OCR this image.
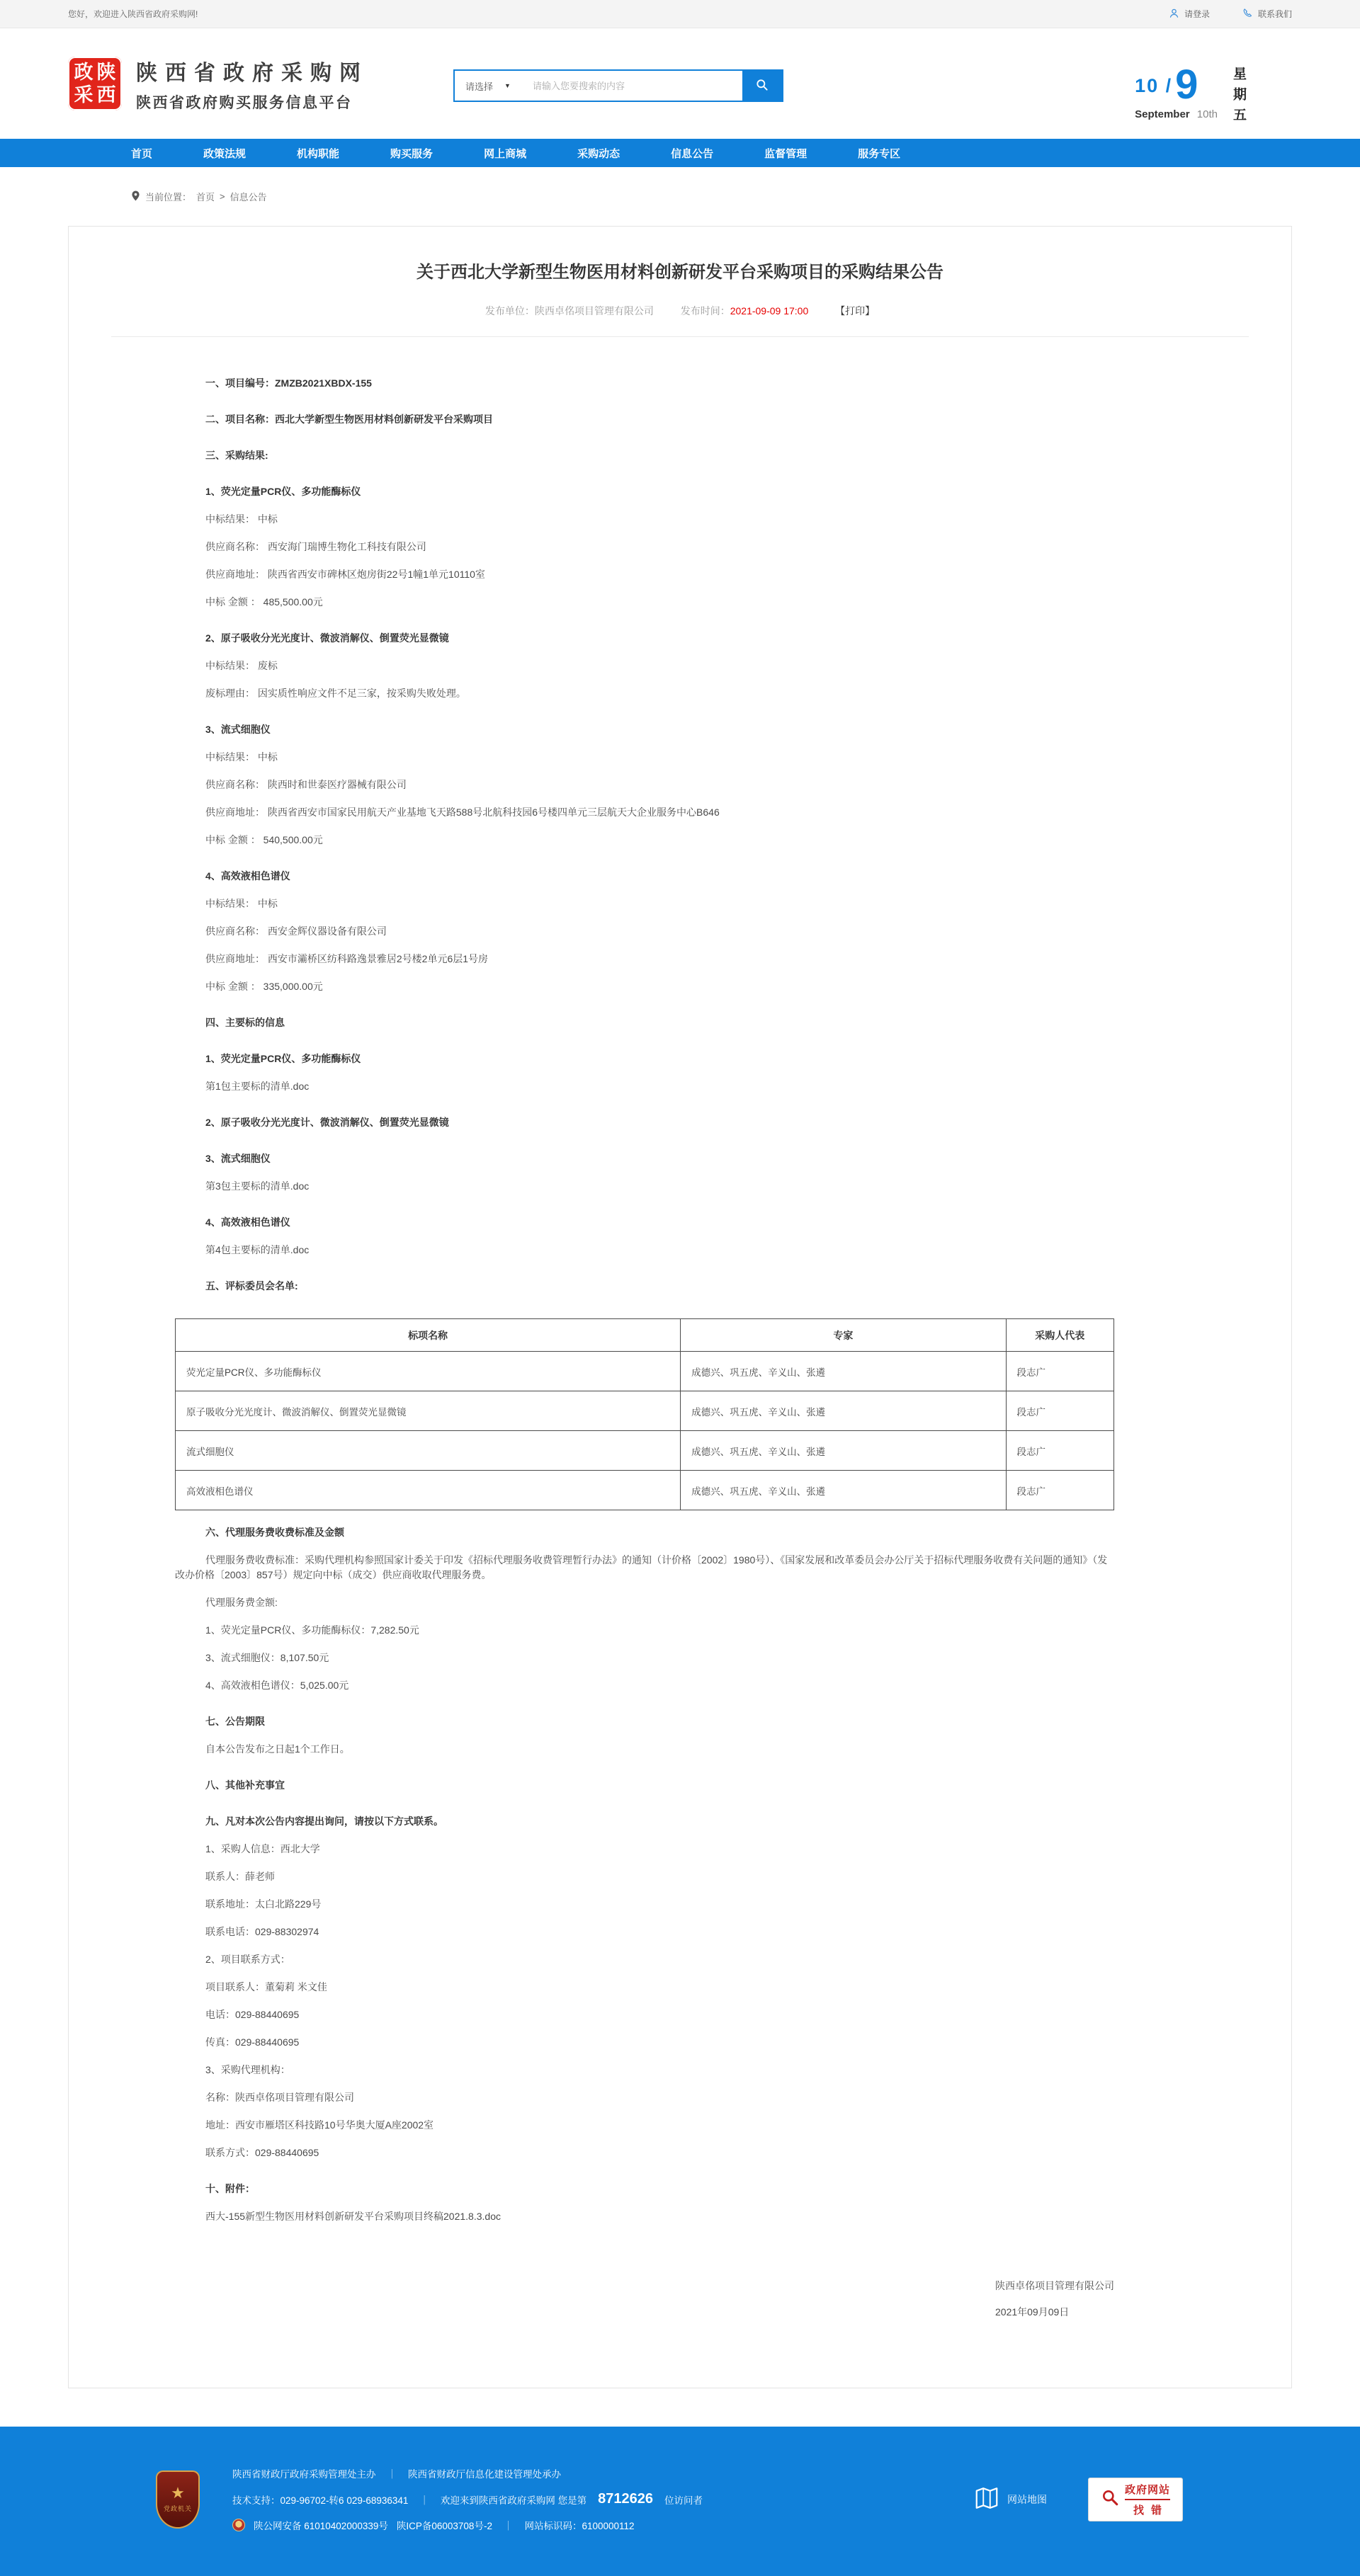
您好，欢迎进入陕西省政府采购网!	请登录	联系我们
政 陕
采 西
陕西省政府采购网
陕西省政府购买服务信息平台
请选择 ▼
请输入您要搜索的内容	10 / 9
September 10th 星期五
首页	政策法规	机构职能	购买服务	网上商城	采购动态	信息公告	监督管理	服务专区
当前位置： 首页 > 信息公告
关于西北大学新型生物医用材料创新研发平台采购项目的采购结果公告
发布单位：陕西卓佲项目管理有限公司	发布时间：2021-09-09 17:00	【打印】
一、项目编号：ZMZB2021XBDX-155
二、项目名称：西北大学新型生物医用材料创新研发平台采购项目
三、采购结果:
1、荧光定量PCR仪、多功能酶标仪
中标结果： 中标
供应商名称： 西安海门瑞博生物化工科技有限公司
供应商地址： 陕西省西安市碑林区炮房街22号1幢1单元10110室
中标 金额 ： 485,500.00元
2、原子吸收分光光度计、微波消解仪、倒置荧光显微镜
中标结果： 废标
废标理由： 因实质性响应文件不足三家，按采购失败处理。
3、流式细胞仪
中标结果： 中标
供应商名称： 陕西时和世泰医疗器械有限公司
供应商地址： 陕西省西安市国家民用航天产业基地飞天路588号北航科技园6号楼四单元三层航天大企业服务中心B646
中标 金额 ： 540,500.00元
4、高效液相色谱仪
中标结果： 中标
供应商名称： 西安金辉仪器设备有限公司
供应商地址： 西安市灞桥区纺科路逸景雅居2号楼2单元6层1号房
中标 金额 ： 335,000.00元
四、主要标的信息
1、荧光定量PCR仪、多功能酶标仪
第1包主要标的清单.doc
2、原子吸收分光光度计、微波消解仪、倒置荧光显微镜
3、流式细胞仪
第3包主要标的清单.doc
4、高效液相色谱仪
第4包主要标的清单.doc
五、评标委员会名单:
标项名称	专家	采购人代表
荧光定量PCR仪、多功能酶标仪	成德兴、巩五虎、辛义山、张遴	段志广
原子吸收分光光度计、微波消解仪、倒置荧光显微镜	成德兴、巩五虎、辛义山、张遴	段志广
流式细胞仪	成德兴、巩五虎、辛义山、张遴	段志广
高效液相色谱仪	成德兴、巩五虎、辛义山、张遴	段志广
六、代理服务费收费标准及金额
代理服务费收费标准：采购代理机构参照国家计委关于印发《招标代理服务收费管理暂行办法》的通知（计价格〔2002〕1980号）、《国家发展和改革委员会办公厅关于招标代理服务收费有关问题的通知》（发改办价格〔2003〕857号）规定向中标（成交）供应商收取代理服务费。
代理服务费金额:
1、荧光定量PCR仪、多功能酶标仪：7,282.50元
3、流式细胞仪：8,107.50元
4、高效液相色谱仪：5,025.00元
七、公告期限
自本公告发布之日起1个工作日。
八、其他补充事宜
九、凡对本次公告内容提出询问，请按以下方式联系。
1、采购人信息：西北大学
联系人：薛老师
联系地址：太白北路229号
联系电话：029-88302974
2、项目联系方式：
项目联系人：董菊莉 米文佳
电话：029-88440695
传真：029-88440695
3、采购代理机构：
名称：陕西卓佲项目管理有限公司
地址：西安市雁塔区科技路10号华奥大厦A座2002室
联系方式：029-88440695
十、附件：
西大-155新型生物医用材料创新研发平台采购项目终稿2021.8.3.doc
陕西卓佲项目管理有限公司
2021年09月09日
★
党政机关
陕西省财政厅政府采购管理处主办 ｜ 陕西省财政厅信息化建设管理处承办
技术支持：029-96702-转6 029-68936341 ｜ 欢迎来到陕西省政府采购网 您是第 8712626 位访问者
陕公网安备 61010402000339号 陕ICP备06003708号-2 ｜ 网站标识码：6100000112
网站地图
政府网站
找错
